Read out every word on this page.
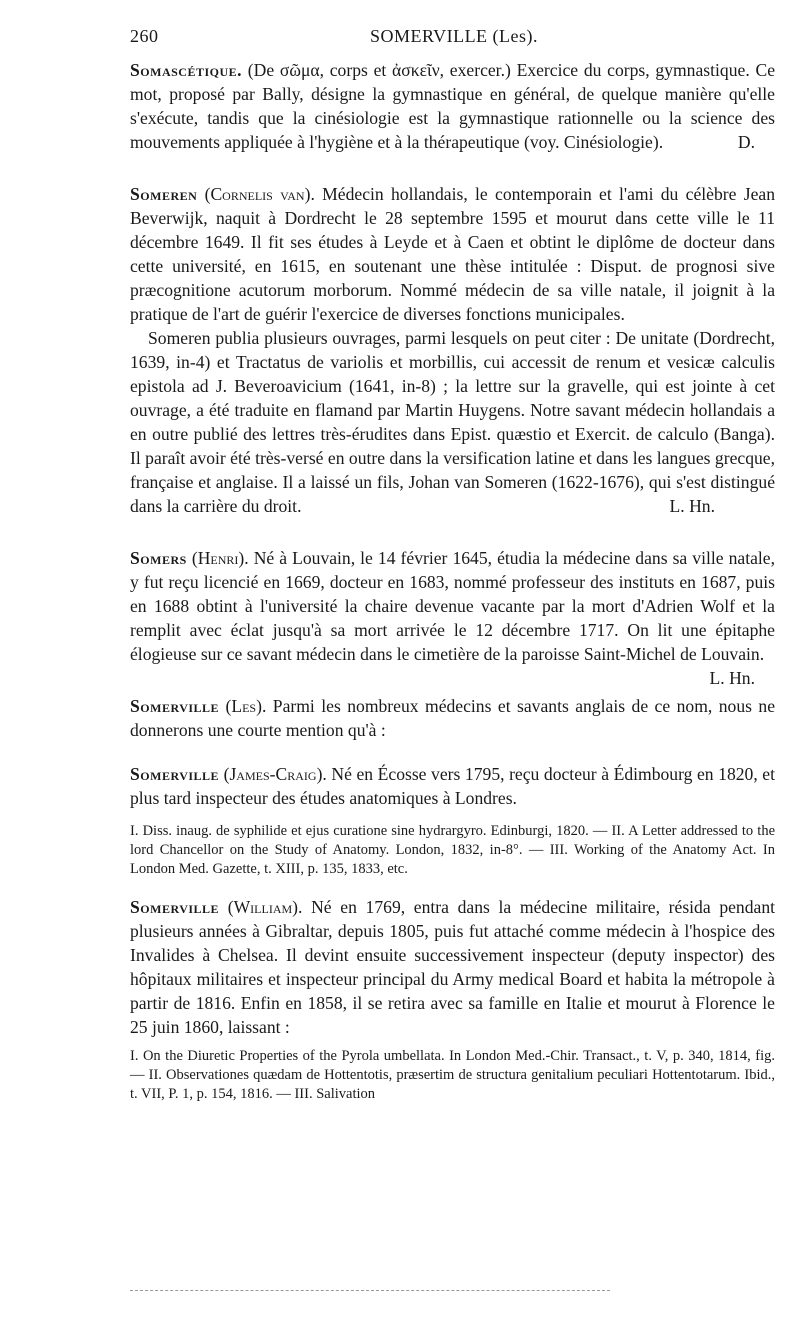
260	SOMERVILLE (Les).

Somascétique. (De σῶμα, corps et ἀσκεῖν, exercer.) Exercice du corps, gymnastique. Ce mot, proposé par Bally, désigne la gymnastique en général, de quelque manière qu'elle s'exécute, tandis que la cinésiologie est la gymnastique rationnelle ou la science des mouvements appliquée à l'hygiène et à la thérapeutique (voy. Cinésiologie).	D.

Someren (Cornelis van). Médecin hollandais, le contemporain et l'ami du célèbre Jean Beverwijk, naquit à Dordrecht le 28 septembre 1595 et mourut dans cette ville le 11 décembre 1649. Il fit ses études à Leyde et à Caen et obtint le diplôme de docteur dans cette université, en 1615, en soutenant une thèse intitulée : Disput. de prognosi sive præcognitione acutorum morborum. Nommé médecin de sa ville natale, il joignit à la pratique de l'art de guérir l'exercice de diverses fonctions municipales.

Someren publia plusieurs ouvrages, parmi lesquels on peut citer : De unitate (Dordrecht, 1639, in-4) et Tractatus de variolis et morbillis, cui accessit de renum et vesicæ calculis epistola ad J. Beveroavicium (1641, in-8) ; la lettre sur la gravelle, qui est jointe à cet ouvrage, a été traduite en flamand par Martin Huygens. Notre savant médecin hollandais a en outre publié des lettres très-érudites dans Epist. quæstio et Exercit. de calculo (Banga). Il paraît avoir été très-versé en outre dans la versification latine et dans les langues grecque, française et anglaise. Il a laissé un fils, Johan van Someren (1622-1676), qui s'est distingué dans la carrière du droit.	L. Hn.

Somers (Henri). Né à Louvain, le 14 février 1645, étudia la médecine dans sa ville natale, y fut reçu licencié en 1669, docteur en 1683, nommé professeur des instituts en 1687, puis en 1688 obtint à l'université la chaire devenue vacante par la mort d'Adrien Wolf et la remplit avec éclat jusqu'à sa mort arrivée le 12 décembre 1717. On lit une épitaphe élogieuse sur ce savant médecin dans le cimetière de la paroisse Saint-Michel de Louvain.
L. Hn.

Somerville (Les). Parmi les nombreux médecins et savants anglais de ce nom, nous ne donnerons une courte mention qu'à :

Somerville (James-Craig). Né en Écosse vers 1795, reçu docteur à Édimbourg en 1820, et plus tard inspecteur des études anatomiques à Londres.

I. Diss. inaug. de syphilide et ejus curatione sine hydrargyro. Edinburgi, 1820. — II. A Letter addressed to the lord Chancellor on the Study of Anatomy. London, 1832, in-8°. — III. Working of the Anatomy Act. In London Med. Gazette, t. XIII, p. 135, 1833, etc.

Somerville (William). Né en 1769, entra dans la médecine militaire, résida pendant plusieurs années à Gibraltar, depuis 1805, puis fut attaché comme médecin à l'hospice des Invalides à Chelsea. Il devint ensuite successivement inspecteur (deputy inspector) des hôpitaux militaires et inspecteur principal du Army medical Board et habita la métropole à partir de 1816. Enfin en 1858, il se retira avec sa famille en Italie et mourut à Florence le 25 juin 1860, laissant :

I. On the Diuretic Properties of the Pyrola umbellata. In London Med.-Chir. Transact., t. V, p. 340, 1814, fig. — II. Observationes quædam de Hottentotis, præsertim de structura genitalium peculiari Hottentotarum. Ibid., t. VII, P. 1, p. 154, 1816. — III. Salivation
